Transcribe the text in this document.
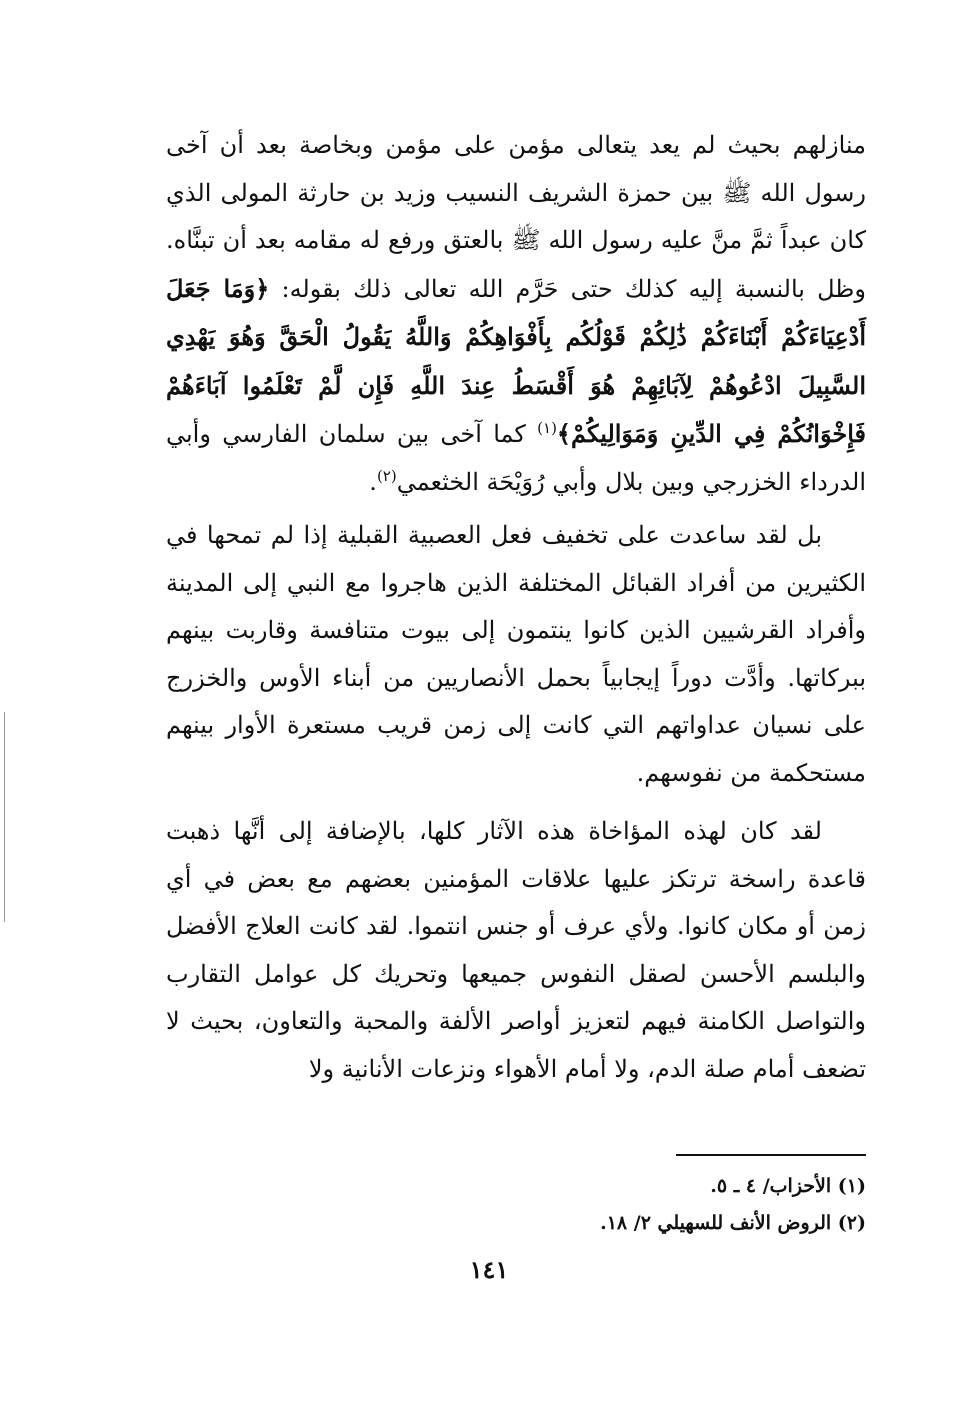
منازلهم بحيث لم يعد يتعالى مؤمن على مؤمن وبخاصة بعد أن آخى رسول الله ﷺ بين حمزة الشريف النسيب وزيد بن حارثة المولى الذي كان عبداً ثمَّ منَّ عليه رسول الله ﷺ بالعتق ورفع له مقامه بعد أن تبنَّاه. وظل بالنسبة إليه كذلك حتى حَرَّم الله تعالى ذلك بقوله: ﴿وَمَا جَعَلَ أَدْعِيَاءَكُمْ أَبْنَاءَكُمْ ذَٰلِكُمْ قَوْلُكُم بِأَفْوَاهِكُمْ وَاللَّهُ يَقُولُ الْحَقَّ وَهُوَ يَهْدِي السَّبِيلَ ادْعُوهُمْ لِآبَائِهِمْ هُوَ أَقْسَطُ عِندَ اللَّهِ فَإِن لَّمْ تَعْلَمُوا آبَاءَهُمْ فَإِخْوَانُكُمْ فِي الدِّينِ وَمَوَالِيكُمْ﴾$^{(١)}$ كما آخى بين سلمان الفارسي وأبي الدرداء الخزرجي وبين بلال وأبي رُوَيْحَة الخثعمي$^{(٢)}$.
بل لقد ساعدت على تخفيف فعل العصبية القبلية إذا لم تمحها في الكثيرين من أفراد القبائل المختلفة الذين هاجروا مع النبي إلى المدينة وأفراد القرشيين الذين كانوا ينتمون إلى بيوت متنافسة وقاربت بينهم ببركاتها. وأدَّت دوراً إيجابياً بحمل الأنصاريين من أبناء الأوس والخزرج على نسيان عداواتهم التي كانت إلى زمن قريب مستعرة الأوار بينهم مستحكمة من نفوسهم.
لقد كان لهذه المؤاخاة هذه الآثار كلها، بالإضافة إلى أنَّها ذهبت قاعدة راسخة ترتكز عليها علاقات المؤمنين بعضهم مع بعض في أي زمن أو مكان كانوا. ولأي عرف أو جنس انتموا. لقد كانت العلاج الأفضل والبلسم الأحسن لصقل النفوس جميعها وتحريك كل عوامل التقارب والتواصل الكامنة فيهم لتعزيز أواصر الألفة والمحبة والتعاون، بحيث لا تضعف أمام صلة الدم، ولا أمام الأهواء ونزعات الأنانية ولا
(١) الأحزاب/ ٤ ـ ٥.
(٢) الروض الأنف للسهيلي ٢/ ١٨.
١٤١
